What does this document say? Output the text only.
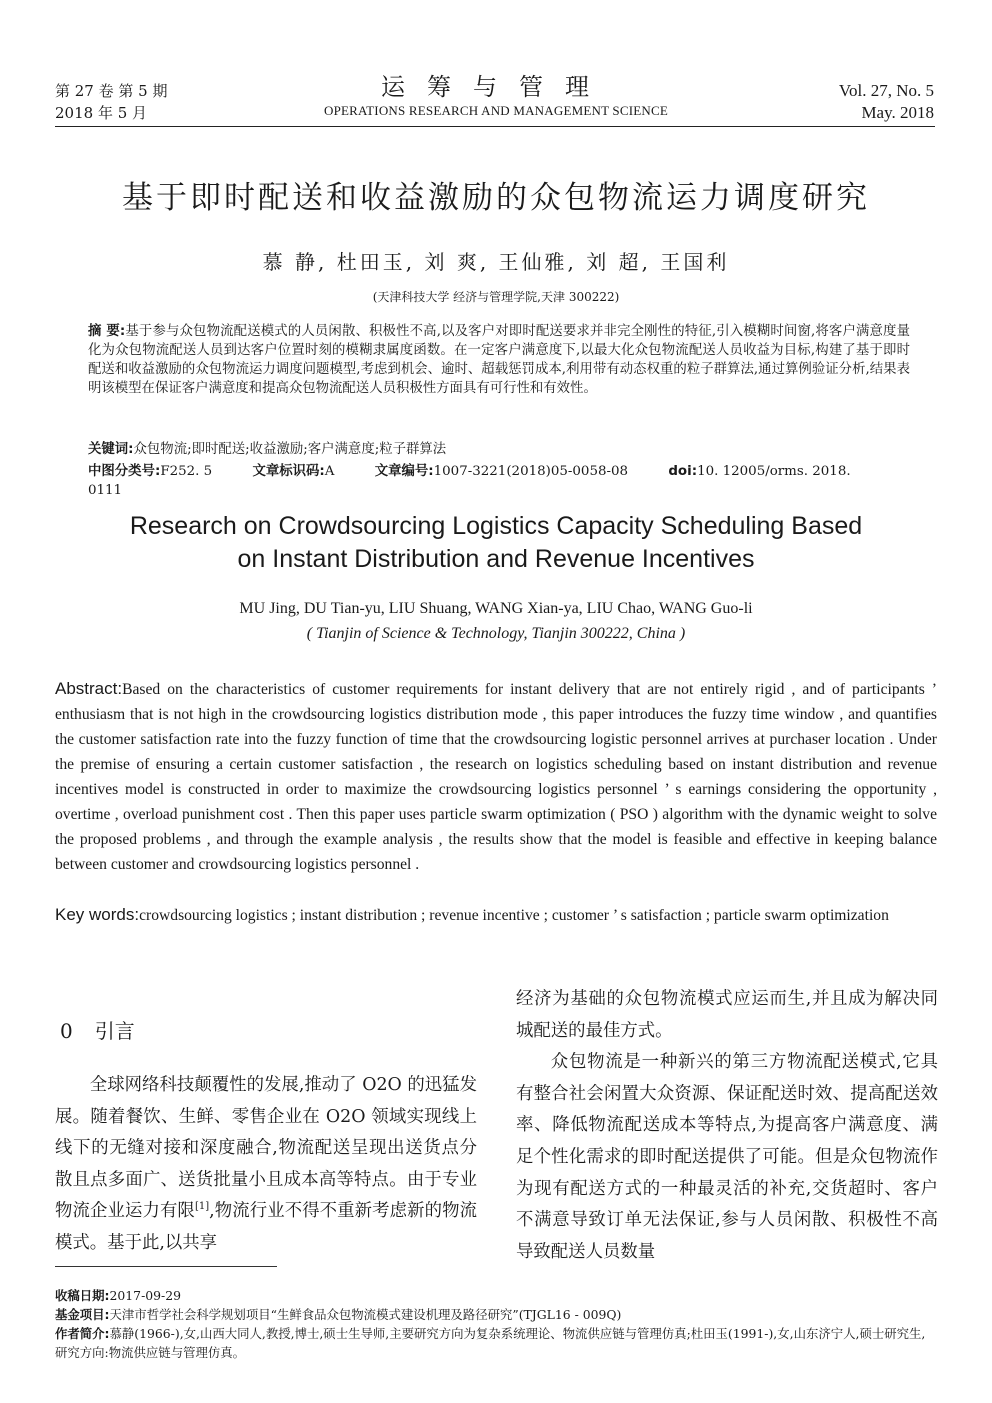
第 27 卷 第 5 期
2018 年 5 月
运筹与管理
OPERATIONS RESEARCH AND MANAGEMENT SCIENCE
Vol. 27, No. 5
May. 2018
基于即时配送和收益激励的众包物流运力调度研究
慕 静, 杜田玉, 刘 爽, 王仙雅, 刘 超, 王国利
(天津科技大学 经济与管理学院,天津 300222)
摘 要:基于参与众包物流配送模式的人员闲散、积极性不高,以及客户对即时配送要求并非完全刚性的特征,引入模糊时间窗,将客户满意度量化为众包物流配送人员到达客户位置时刻的模糊隶属度函数。在一定客户满意度下,以最大化众包物流配送人员收益为目标,构建了基于即时配送和收益激励的众包物流运力调度问题模型,考虑到机会、逾时、超载惩罚成本,利用带有动态权重的粒子群算法,通过算例验证分析,结果表明该模型在保证客户满意度和提高众包物流配送人员积极性方面具有可行性和有效性。
关键词:众包物流;即时配送;收益激励;客户满意度;粒子群算法
中图分类号:F252. 5	文章标识码:A	文章编号:1007-3221(2018)05-0058-08	doi:10. 12005/orms. 2018. 0111
Research on Crowdsourcing Logistics Capacity Scheduling Based
on Instant Distribution and Revenue Incentives
MU Jing, DU Tian-yu, LIU Shuang, WANG Xian-ya, LIU Chao, WANG Guo-li
( Tianjin of Science & Technology, Tianjin 300222, China )
Abstract:Based on the characteristics of customer requirements for instant delivery that are not entirely rigid , and of participants ’ enthusiasm that is not high in the crowdsourcing logistics distribution mode , this paper introduces the fuzzy time window , and quantifies the customer satisfaction rate into the fuzzy function of time that the crowdsourcing logistic personnel arrives at purchaser location . Under the premise of ensuring a certain customer satisfaction , the research on logistics scheduling based on instant distribution and revenue incentives model is constructed in order to maximize the crowdsourcing logistics personnel ’ s earnings considering the opportunity , overtime , overload punishment cost . Then this paper uses particle swarm optimization ( PSO ) algorithm with the dynamic weight to solve the proposed problems , and through the example analysis , the results show that the model is feasible and effective in keeping balance between customer and crowdsourcing logistics personnel .
Key words:crowdsourcing logistics ; instant distribution ; revenue incentive ; customer ’ s satisfaction ; particle swarm optimization
0 引言

全球网络科技颠覆性的发展,推动了 O2O 的迅猛发展。随着餐饮、生鲜、零售企业在 O2O 领域实现线上线下的无缝对接和深度融合,物流配送呈现出送货点分散且点多面广、送货批量小且成本高等特点。由于专业物流企业运力有限[1],物流行业不得不重新考虑新的物流模式。基于此,以共享

经济为基础的众包物流模式应运而生,并且成为解决同城配送的最佳方式。

众包物流是一种新兴的第三方物流配送模式,它具有整合社会闲置大众资源、保证配送时效、提高配送效率、降低物流配送成本等特点,为提高客户满意度、满足个性化需求的即时配送提供了可能。但是众包物流作为现有配送方式的一种最灵活的补充,交货超时、客户不满意导致订单无法保证,参与人员闲散、积极性不高导致配送人员数量

收稿日期:2017-09-29

基金项目:天津市哲学社会科学规划项目“生鲜食品众包物流模式建设机理及路径研究”(TJGL16 - 009Q)

作者简介:慕静(1966-),女,山西大同人,教授,博士,硕士生导师,主要研究方向为复杂系统理论、物流供应链与管理仿真;杜田玉(1991-),女,山东济宁人,硕士研究生,研究方向:物流供应链与管理仿真。
